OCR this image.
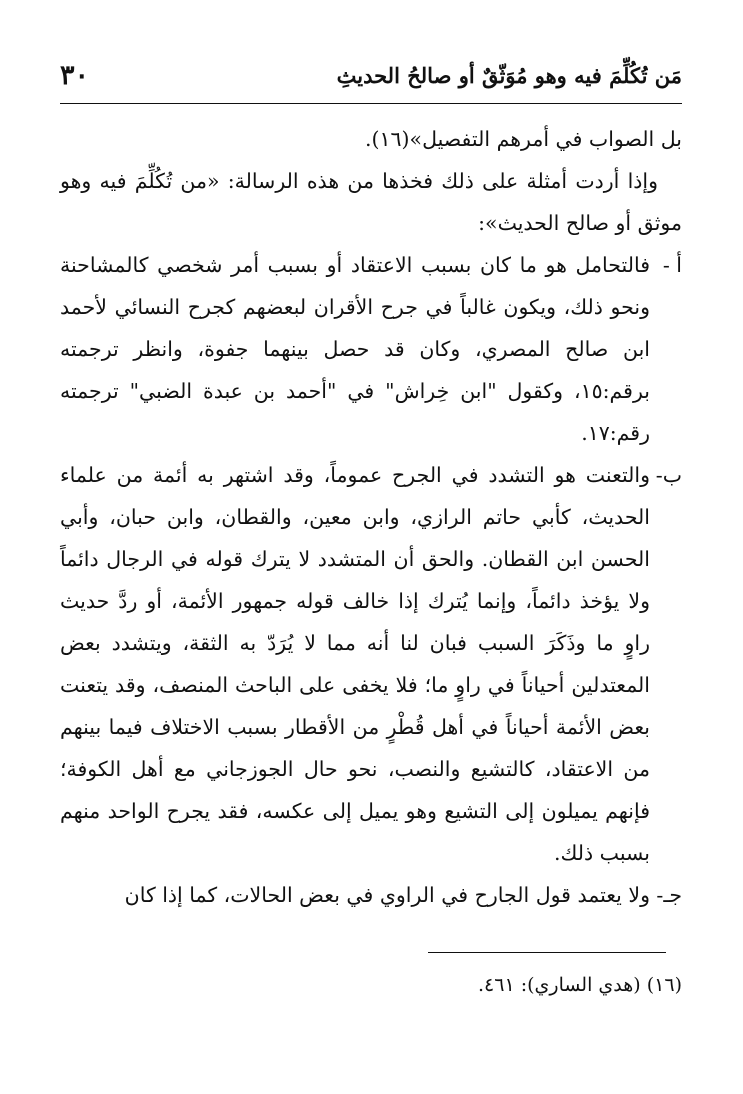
مَن تُكُلِّمَ فيه وهو مُوَثّقٌ أو صالحُ الحديثِ
٣٠

بل الصواب في أمرهم التفصيل»(١٦).

وإذا أردت أمثلة على ذلك فخذها من هذه الرسالة: «من تُكُلِّمَ فيه وهو موثق أو صالح الحديث»:

أ -
فالتحامل هو ما كان بسبب الاعتقاد أو بسبب أمر شخصي كالمشاحنة ونحو ذلك، ويكون غالباً في جرح الأقران لبعضهم كجرح النسائي لأحمد ابن صالح المصري، وكان قد حصل بينهما جفوة، وانظر ترجمته برقم:١٥، وكقول "ابن خِراش" في "أحمد بن عبدة الضبي" ترجمته رقم:١٧.
ب-
والتعنت هو التشدد في الجرح عموماً، وقد اشتهر به أئمة من علماء الحديث، كأبي حاتم الرازي، وابن معين، والقطان، وابن حبان، وأبي الحسن ابن القطان. والحق أن المتشدد لا يترك قوله في الرجال دائماً ولا يؤخذ دائماً، وإنما يُترك إذا خالف قوله جمهور الأئمة، أو ردَّ حديث راوٍ ما وذَكَرَ السبب فبان لنا أنه مما لا يُرَدّ به الثقة، ويتشدد بعض المعتدلين أحياناً في راوٍ ما؛ فلا يخفى على الباحث المنصف، وقد يتعنت بعض الأئمة أحياناً في أهل قُطْرٍ من الأقطار بسبب الاختلاف فيما بينهم من الاعتقاد، كالتشيع والنصب، نحو حال الجوزجاني مع أهل الكوفة؛ فإنهم يميلون إلى التشيع وهو يميل إلى عكسه، فقد يجرح الواحد منهم بسبب ذلك.
جـ-
ولا يعتمد قول الجارح في الراوي في بعض الحالات، كما إذا كان
(١٦) (هدي الساري): ٤٦١.
